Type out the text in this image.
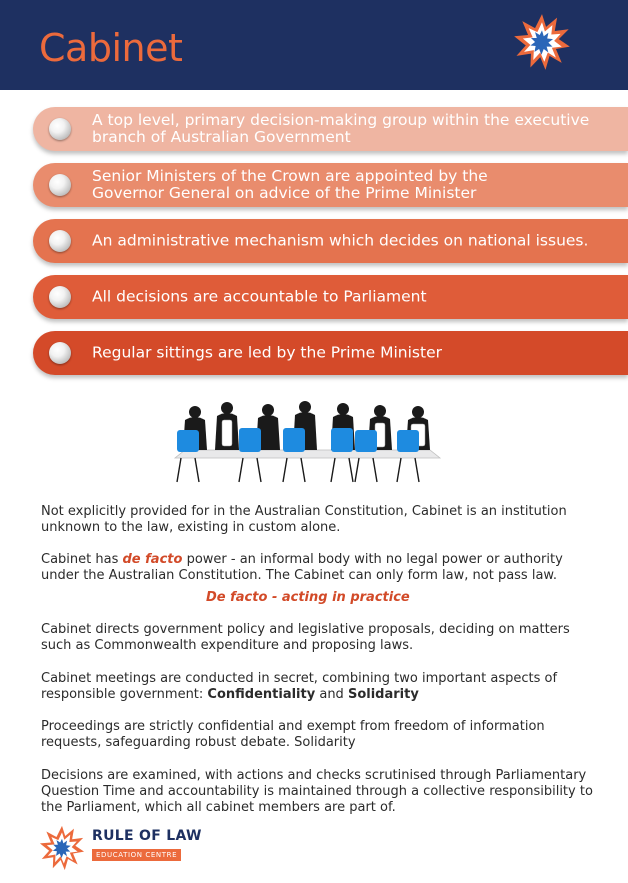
Cabinet
A top level, primary decision-making group within the executive
branch of Australian Government
Senior Ministers of the Crown are appointed by the
Governor General on advice of the Prime Minister
An administrative mechanism which decides on national issues.
All decisions are accountable to Parliament
Regular sittings are led by the Prime Minister

Not explicitly provided for in the Australian Constitution, Cabinet is an institution unknown to the law, existing in custom alone.

Cabinet has de facto power - an informal body with no legal power or authority under the Australian Constitution. The Cabinet can only form law, not pass law.

De facto - acting in practice

Cabinet directs government policy and legislative proposals, deciding on matters such as Commonwealth expenditure and proposing laws.

Cabinet meetings are conducted in secret, combining two important aspects of responsible government: Confidentiality and Solidarity

Proceedings are strictly confidential and exempt from freedom of information requests, safeguarding robust debate. Solidarity

Decisions are examined, with actions and checks scrutinised through Parliamentary Question Time and accountability is maintained through a collective responsibility to the Parliament, which all cabinet members are part of.

RULE OF LAW
EDUCATION CENTRE
